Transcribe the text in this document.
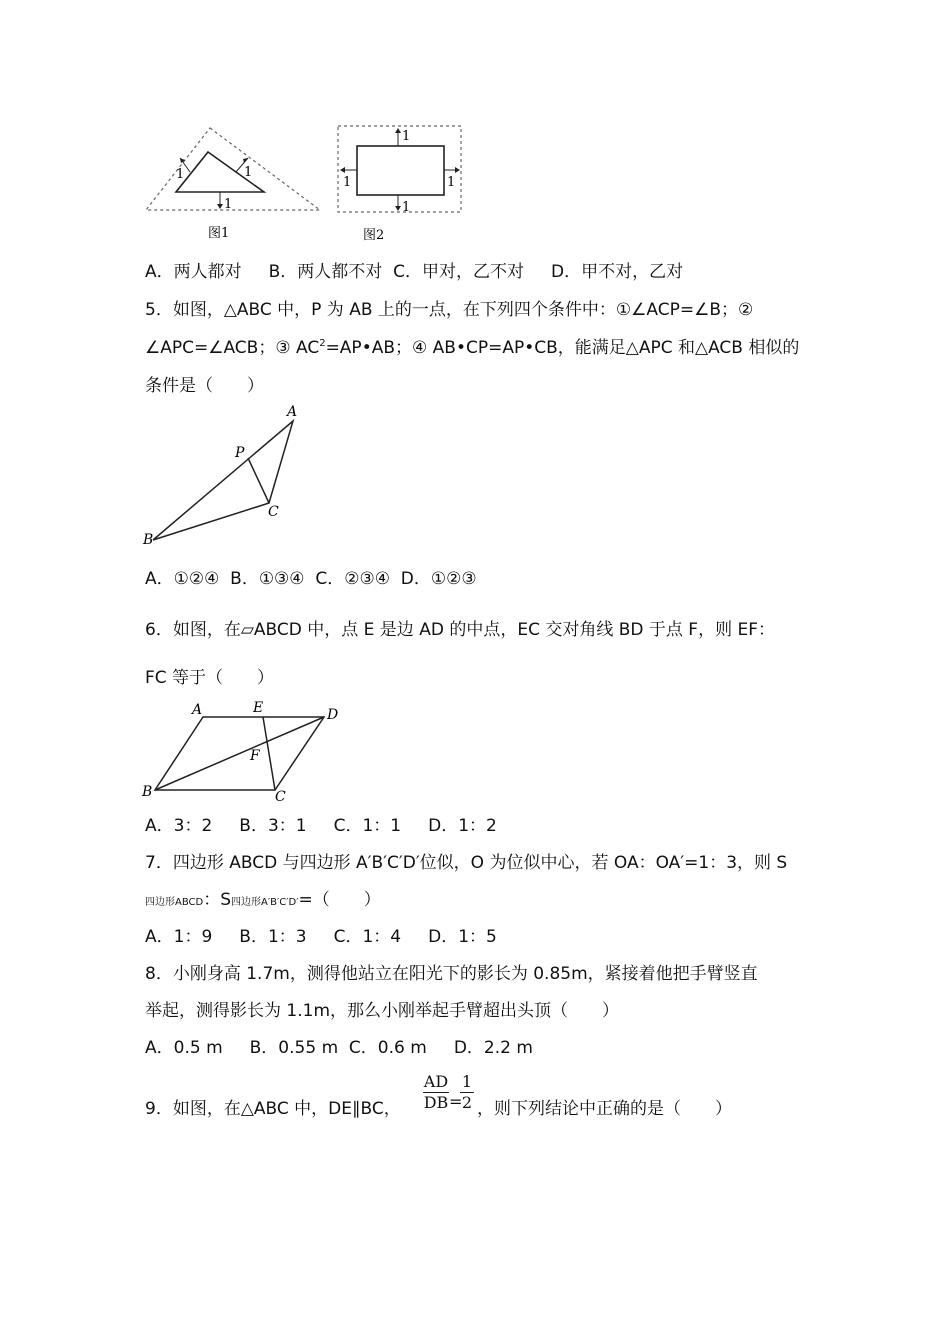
1	1
1
图1
1
1	1
1
图2
A．两人都对     B．两人都不对  C．甲对，乙不对     D．甲不对，乙对
5．如图，△ABC 中，P 为 AB 上的一点，在下列四个条件中：①∠ACP=∠B；②
∠APC=∠ACB；③ $AC^2=AP•AB$；④ AB•CP=AP•CB，能满足△APC 和△ACB 相似的
条件是（　　）
A
P
C
B
A．①②④  B．①③④  C．②③④  D．①②③
6．如图，在▱ABCD 中，点 E 是边 AD 的中点，EC 交对角线 BD 于点 F，则 EF：
FC 等于（　　）
A	E	D
F
B	C
A．3：2     B．3：1     C．1：1     D．1：2
7．四边形 ABCD 与四边形 A′B′C′D′位似，O 为位似中心，若 OA：OA′=1：3，则 S
四边形ABCD：S四边形A′B′C′D′=（　　）
A．1：9     B．1：3     C．1：4     D．1：5
8．小刚身高 1.7m，测得他站立在阳光下的影长为 0.85m，紧接着他把手臂竖直
举起，测得影长为 1.1m，那么小刚举起手臂超出头顶（　　）
A．0.5 m     B．0.55 m  C．0.6 m     D．2.2 m
9．如图，在△ABC 中，DE∥BC， $\frac{AD}{DB}$ =
$\frac{1}{2}$ ，则下列结论中正确的是（　　）
